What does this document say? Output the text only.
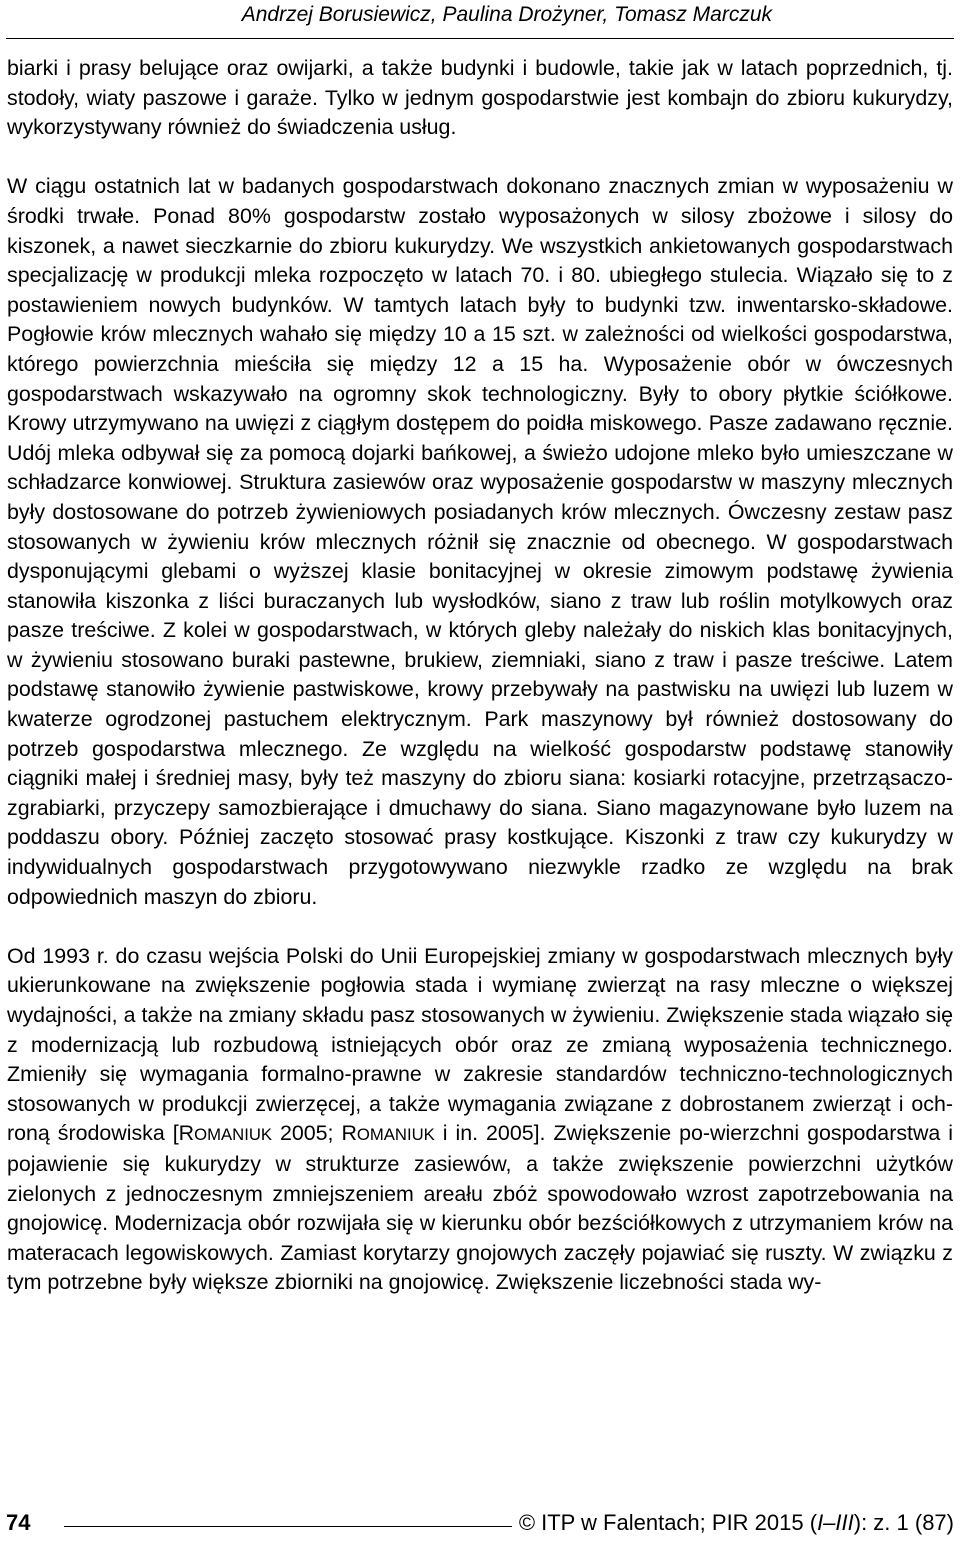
Andrzej Borusiewicz, Paulina Drożyner, Tomasz Marczuk

biarki i prasy belujące oraz owijarki, a także budynki i budowle, takie jak w latach poprzednich, tj. stodoły, wiaty paszowe i garaże. Tylko w jednym gospodarstwie jest kombajn do zbioru kukurydzy, wykorzystywany również do świadczenia usług.

W ciągu ostatnich lat w badanych gospodarstwach dokonano znacznych zmian w wyposażeniu w środki trwałe. Ponad 80% gospodarstw zostało wyposażonych w silosy zbożowe i silosy do kiszonek, a nawet sieczkarnie do zbioru kukurydzy. We wszystkich ankietowanych gospodarstwach specjalizację w produkcji mleka rozpoczęto w latach 70. i 80. ubiegłego stulecia. Wiązało się to z postawieniem nowych budynków. W tamtych latach były to budynki tzw. inwentarsko-składowe. Pogłowie krów mlecznych wahało się między 10 a 15 szt. w zależności od wielkości gospodarstwa, którego powierzchnia mieściła się między 12 a 15 ha. Wyposażenie obór w ówczesnych gospodarstwach wskazywało na ogromny skok technologiczny. Były to obory płytkie ściółkowe. Krowy utrzymywano na uwięzi z ciągłym dostępem do poidła miskowego. Pasze zadawano ręcznie. Udój mleka odbywał się za pomocą dojarki bańkowej, a świeżo udojone mleko było umieszczane w schładzarce konwiowej. Struktura zasiewów oraz wyposażenie gospodarstw w maszyny mlecznych były dostosowane do potrzeb żywieniowych posiadanych krów mlecznych. Ówczesny zestaw pasz stosowanych w żywieniu krów mlecznych różnił się znacznie od obecnego. W gospodarstwach dysponującymi glebami o wyższej klasie bonitacyjnej w okresie zimowym podstawę żywienia stanowiła kiszonka z liści buraczanych lub wysłodków, siano z traw lub roślin motylkowych oraz pasze treściwe. Z kolei w gospodarstwach, w których gleby należały do niskich klas bonitacyjnych, w żywieniu stosowano buraki pastewne, brukiew, ziemniaki, siano z traw i pasze treściwe. Latem podstawę stanowiło żywienie pastwiskowe, krowy przebywały na pastwisku na uwięzi lub luzem w kwaterze ogrodzonej pastuchem elektrycznym. Park maszynowy był również dostosowany do potrzeb gospodarstwa mlecznego. Ze względu na wielkość gospodarstw podstawę stanowiły ciągniki małej i średniej masy, były też maszyny do zbioru siana: kosiarki rotacyjne, przetrząsaczo-zgrabiarki, przyczepy samozbierające i dmuchawy do siana. Siano magazynowane było luzem na poddaszu obory. Później zaczęto stosować prasy kostkujące. Kiszonki z traw czy kukurydzy w indywidualnych gospodarstwach przygotowywano niezwykle rzadko ze względu na brak odpowiednich maszyn do zbioru.

Od 1993 r. do czasu wejścia Polski do Unii Europejskiej zmiany w gospodarstwach mlecznych były ukierunkowane na zwiększenie pogłowia stada i wymianę zwierząt na rasy mleczne o większej wydajności, a także na zmiany składu pasz stosowanych w żywieniu. Zwiększenie stada wiązało się z modernizacją lub rozbudową istniejących obór oraz ze zmianą wyposażenia technicznego. Zmieniły się wymagania formalno-prawne w zakresie standardów techniczno-technologicznych stosowanych w produkcji zwierzęcej, a także wymagania związane z dobrostanem zwierząt i ochroną środowiska [ROMANIUK 2005; ROMANIUK i in. 2005]. Zwiększenie po-wierzchni gospodarstwa i pojawienie się kukurydzy w strukturze zasiewów, a także zwiększenie powierzchni użytków zielonych z jednoczesnym zmniejszeniem areału zbóż spowodowało wzrost zapotrzebowania na gnojowicę. Modernizacja obór rozwijała się w kierunku obór bezściółkowych z utrzymaniem krów na materacach legowiskowych. Zamiast korytarzy gnojowych zaczęły pojawiać się ruszty. W związku z tym potrzebne były większe zbiorniki na gnojowicę. Zwiększenie liczebności stada wy-

74	© ITP w Falentach; PIR 2015 (I–III): z. 1 (87)
